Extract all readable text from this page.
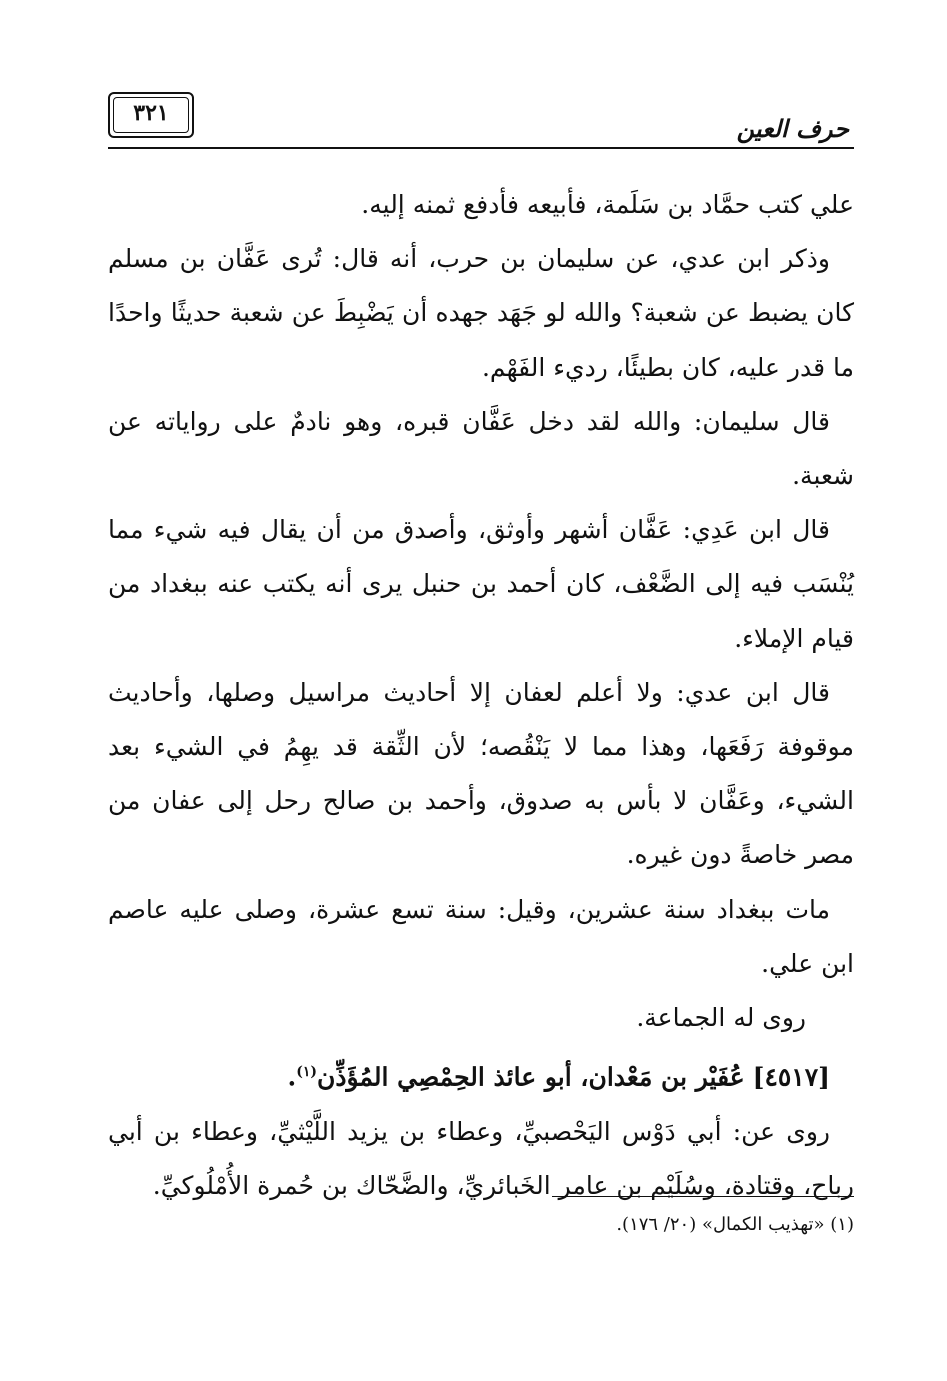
حرف العين
٣٢١

علي كتب حمَّاد بن سَلَمة، فأبيعه فأدفع ثمنه إليه.

وذكر ابن عدي، عن سليمان بن حرب، أنه قال: تُرى عَفَّان بن مسلم كان يضبط عن شعبة؟ والله لو جَهَد جهده أن يَضْبِطَ عن شعبة حديثًا واحدًا ما قدر عليه، كان بطيئًا، رديء الفَهْم.

قال سليمان: والله لقد دخل عَفَّان قبره، وهو نادمٌ على رواياته عن شعبة.

قال ابن عَدِي: عَفَّان أشهر وأوثق، وأصدق من أن يقال فيه شيء مما يُنْسَب فيه إلى الضَّعْف، كان أحمد بن حنبل يرى أنه يكتب عنه ببغداد من قيام الإملاء.

قال ابن عدي: ولا أعلم لعفان إلا أحاديث مراسيل وصلها، وأحاديث موقوفة رَفَعَها، وهذا مما لا يَنْقُصه؛ لأن الثِّقة قد يهِمُ في الشيء بعد الشيء، وعَفَّان لا بأس به صدوق، وأحمد بن صالح رحل إلى عفان من مصر خاصةً دون غيره.

مات ببغداد سنة عشرين، وقيل: سنة تسع عشرة، وصلى عليه عاصم ابن علي.

روى له الجماعة.

[٤٥١٧] عُفَيْر بن مَعْدان، أبو عائذ الحِمْصِي المُؤَذِّن$^{(١)}$.

روى عن: أبي دَوْس اليَحْصبيِّ، وعطاء بن يزيد اللَّيْثيِّ، وعطاء بن أبي رباح، وقتادة، وسُلَيْم بن عامر الخَبائريِّ، والضَّحّاك بن حُمرة الأُمْلُوكيِّ.

(١) «تهذيب الكمال» (٢٠/ ١٧٦).
